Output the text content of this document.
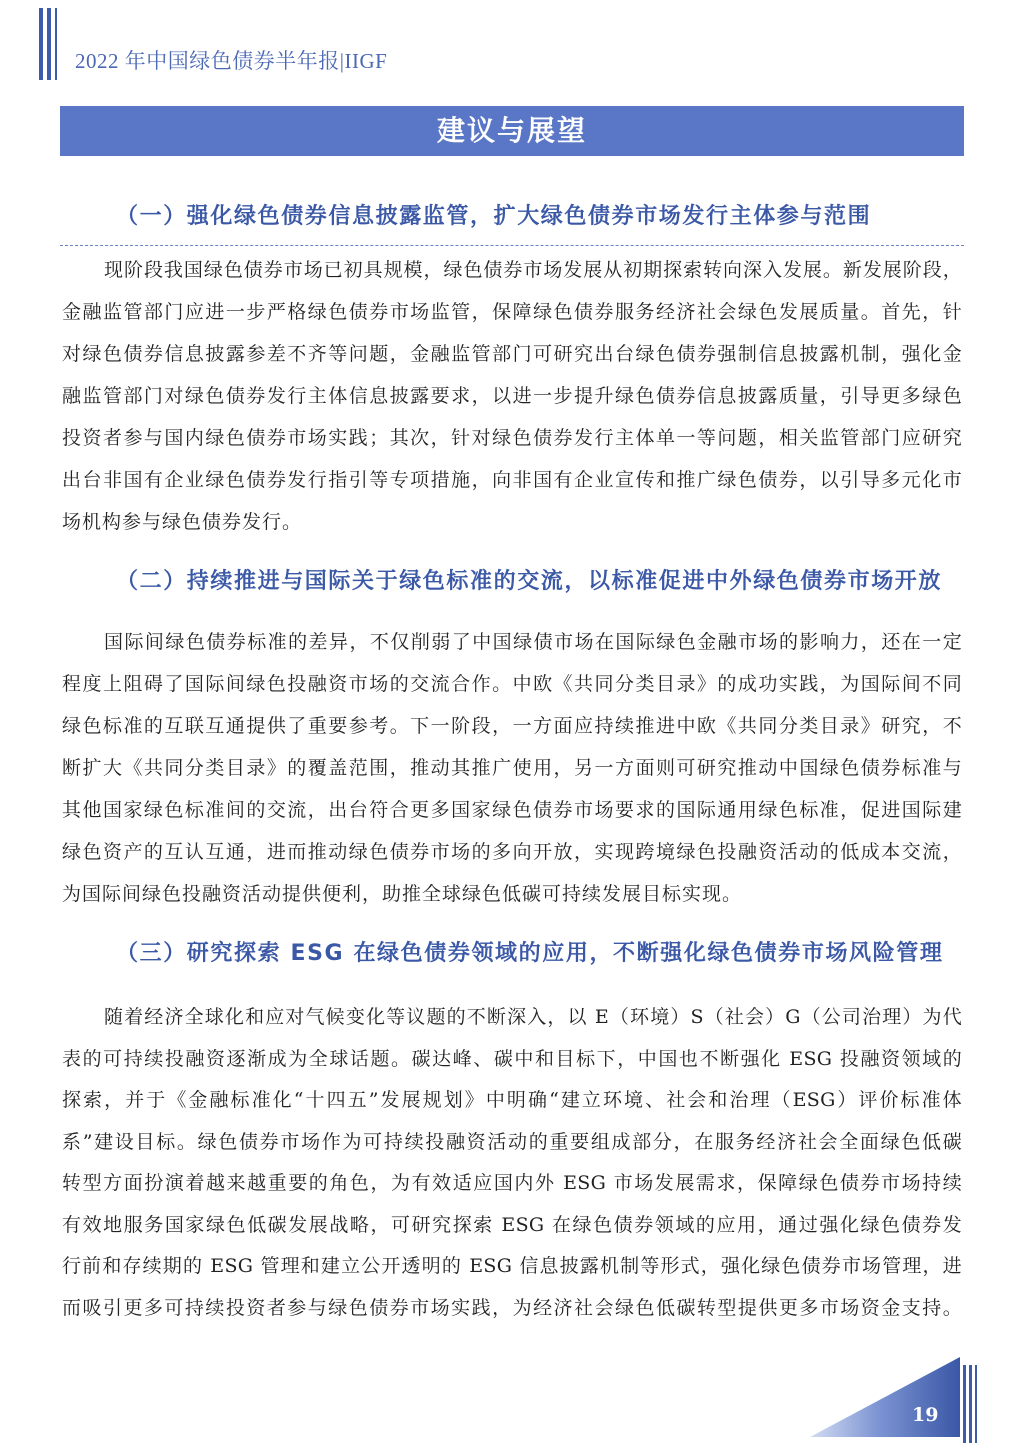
2022 年中国绿色债券半年报|IIGF
建议与展望
（一）强化绿色债券信息披露监管，扩大绿色债券市场发行主体参与范围
现阶段我国绿色债券市场已初具规模，绿色债券市场发展从初期探索转向深入发展。新发展阶段，
金融监管部门应进一步严格绿色债券市场监管，保障绿色债券服务经济社会绿色发展质量。首先，针
对绿色债券信息披露参差不齐等问题，金融监管部门可研究出台绿色债券强制信息披露机制，强化金
融监管部门对绿色债券发行主体信息披露要求，以进一步提升绿色债券信息披露质量，引导更多绿色
投资者参与国内绿色债券市场实践；其次，针对绿色债券发行主体单一等问题，相关监管部门应研究
出台非国有企业绿色债券发行指引等专项措施，向非国有企业宣传和推广绿色债券，以引导多元化市
场机构参与绿色债券发行。
（二）持续推进与国际关于绿色标准的交流，以标准促进中外绿色债券市场开放
国际间绿色债券标准的差异，不仅削弱了中国绿债市场在国际绿色金融市场的影响力，还在一定
程度上阻碍了国际间绿色投融资市场的交流合作。中欧《共同分类目录》的成功实践，为国际间不同
绿色标准的互联互通提供了重要参考。下一阶段，一方面应持续推进中欧《共同分类目录》研究，不
断扩大《共同分类目录》的覆盖范围，推动其推广使用，另一方面则可研究推动中国绿色债券标准与
其他国家绿色标准间的交流，出台符合更多国家绿色债券市场要求的国际通用绿色标准，促进国际建
绿色资产的互认互通，进而推动绿色债券市场的多向开放，实现跨境绿色投融资活动的低成本交流，
为国际间绿色投融资活动提供便利，助推全球绿色低碳可持续发展目标实现。
（三）研究探索 ESG 在绿色债券领域的应用，不断强化绿色债券市场风险管理
随着经济全球化和应对气候变化等议题的不断深入，以 E（环境）S（社会）G（公司治理）为代
表的可持续投融资逐渐成为全球话题。碳达峰、碳中和目标下，中国也不断强化 ESG 投融资领域的
探索，并于《金融标准化“十四五”发展规划》中明确“建立环境、社会和治理（ESG）评价标准体
系”建设目标。绿色债券市场作为可持续投融资活动的重要组成部分，在服务经济社会全面绿色低碳
转型方面扮演着越来越重要的角色，为有效适应国内外 ESG 市场发展需求，保障绿色债券市场持续
有效地服务国家绿色低碳发展战略，可研究探索 ESG 在绿色债券领域的应用，通过强化绿色债券发
行前和存续期的 ESG 管理和建立公开透明的 ESG 信息披露机制等形式，强化绿色债券市场管理，进
而吸引更多可持续投资者参与绿色债券市场实践，为经济社会绿色低碳转型提供更多市场资金支持。
19
